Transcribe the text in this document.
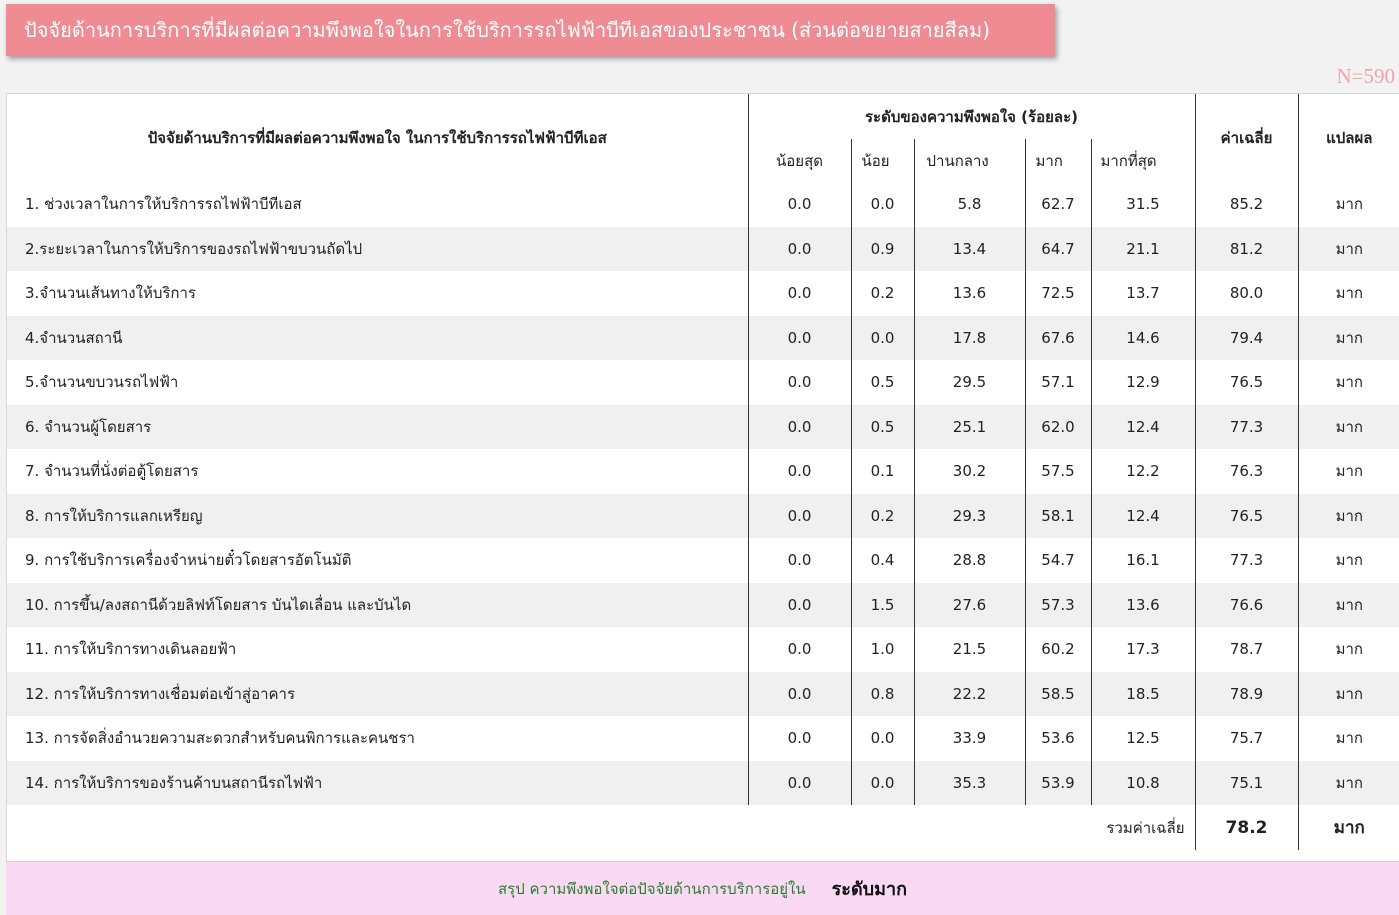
ปัจจัยด้านการบริการที่มีผลต่อความพึงพอใจในการใช้บริการรถไฟฟ้าบีทีเอสของประชาชน (ส่วนต่อขยายสายสีลม)
N=590
ปัจจัยด้านบริการที่มีผลต่อความพึงพอใจ ในการใช้บริการรถไฟฟ้าบีทีเอส	ระดับของความพึงพอใจ (ร้อยละ)					ค่าเฉลี่ย	แปลผล
	น้อยสุด	น้อย	ปานกลาง	มาก	มากที่สุด		
1. ช่วงเวลาในการให้บริการรถไฟฟ้าบีทีเอส	0.0	0.0	5.8	62.7	31.5	85.2	มาก
2.ระยะเวลาในการให้บริการของรถไฟฟ้าขบวนถัดไป	0.0	0.9	13.4	64.7	21.1	81.2	มาก
3.จำนวนเส้นทางให้บริการ	0.0	0.2	13.6	72.5	13.7	80.0	มาก
4.จำนวนสถานี	0.0	0.0	17.8	67.6	14.6	79.4	มาก
5.จำนวนขบวนรถไฟฟ้า	0.0	0.5	29.5	57.1	12.9	76.5	มาก
6. จำนวนผู้โดยสาร	0.0	0.5	25.1	62.0	12.4	77.3	มาก
7. จำนวนที่นั่งต่อตู้โดยสาร	0.0	0.1	30.2	57.5	12.2	76.3	มาก
8. การให้บริการแลกเหรียญ	0.0	0.2	29.3	58.1	12.4	76.5	มาก
9. การใช้บริการเครื่องจำหน่ายตั๋วโดยสารอัตโนมัติ	0.0	0.4	28.8	54.7	16.1	77.3	มาก
10. การขึ้น/ลงสถานีด้วยลิฟท์โดยสาร บันไดเลื่อน และบันได	0.0	1.5	27.6	57.3	13.6	76.6	มาก
11. การให้บริการทางเดินลอยฟ้า	0.0	1.0	21.5	60.2	17.3	78.7	มาก
12. การให้บริการทางเชื่อมต่อเข้าสู่อาคาร	0.0	0.8	22.2	58.5	18.5	78.9	มาก
13. การจัดสิ่งอำนวยความสะดวกสำหรับคนพิการและคนชรา	0.0	0.0	33.9	53.6	12.5	75.7	มาก
14. การให้บริการของร้านค้าบนสถานีรถไฟฟ้า	0.0	0.0	35.3	53.9	10.8	75.1	มาก
รวมค่าเฉลี่ย						78.2	มาก
สรุป ความพึงพอใจต่อปัจจัยด้านการบริการอยู่ใน ระดับมาก
